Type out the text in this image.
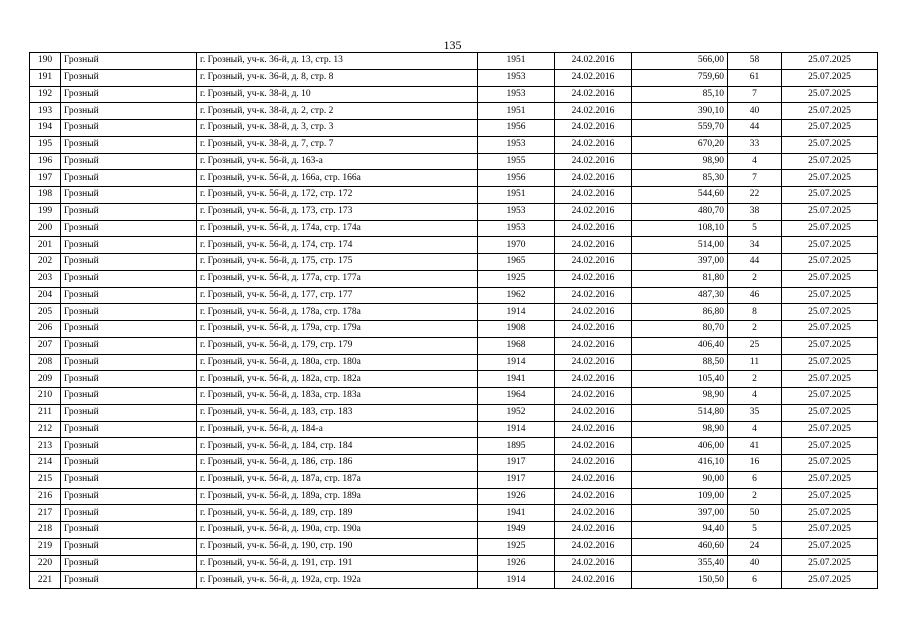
135
190	Грозный	г. Грозный, уч-к. 36-й, д. 13, стр. 13	1951	24.02.2016	566,00	58	25.07.2025
191	Грозный	г. Грозный, уч-к. 36-й, д. 8, стр. 8	1953	24.02.2016	759,60	61	25.07.2025
192	Грозный	г. Грозный, уч-к. 38-й, д. 10	1953	24.02.2016	85,10	7	25.07.2025
193	Грозный	г. Грозный, уч-к. 38-й, д. 2, стр. 2	1951	24.02.2016	390,10	40	25.07.2025
194	Грозный	г. Грозный, уч-к. 38-й, д. 3, стр. 3	1956	24.02.2016	559,70	44	25.07.2025
195	Грозный	г. Грозный, уч-к. 38-й, д. 7, стр. 7	1953	24.02.2016	670,20	33	25.07.2025
196	Грозный	г. Грозный, уч-к. 56-й, д. 163-а	1955	24.02.2016	98,90	4	25.07.2025
197	Грозный	г. Грозный, уч-к. 56-й, д. 166а, стр. 166а	1956	24.02.2016	85,30	7	25.07.2025
198	Грозный	г. Грозный, уч-к. 56-й, д. 172, стр. 172	1951	24.02.2016	544,60	22	25.07.2025
199	Грозный	г. Грозный, уч-к. 56-й, д. 173, стр. 173	1953	24.02.2016	480,70	38	25.07.2025
200	Грозный	г. Грозный, уч-к. 56-й, д. 174а, стр. 174а	1953	24.02.2016	108,10	5	25.07.2025
201	Грозный	г. Грозный, уч-к. 56-й, д. 174, стр. 174	1970	24.02.2016	514,00	34	25.07.2025
202	Грозный	г. Грозный, уч-к. 56-й, д. 175, стр. 175	1965	24.02.2016	397,00	44	25.07.2025
203	Грозный	г. Грозный, уч-к. 56-й, д. 177а, стр. 177а	1925	24.02.2016	81,80	2	25.07.2025
204	Грозный	г. Грозный, уч-к. 56-й, д. 177, стр. 177	1962	24.02.2016	487,30	46	25.07.2025
205	Грозный	г. Грозный, уч-к. 56-й, д. 178а, стр. 178а	1914	24.02.2016	86,80	8	25.07.2025
206	Грозный	г. Грозный, уч-к. 56-й, д. 179а, стр. 179а	1908	24.02.2016	80,70	2	25.07.2025
207	Грозный	г. Грозный, уч-к. 56-й, д. 179, стр. 179	1968	24.02.2016	406,40	25	25.07.2025
208	Грозный	г. Грозный, уч-к. 56-й, д. 180а, стр. 180а	1914	24.02.2016	88,50	11	25.07.2025
209	Грозный	г. Грозный, уч-к. 56-й, д. 182а, стр. 182а	1941	24.02.2016	105,40	2	25.07.2025
210	Грозный	г. Грозный, уч-к. 56-й, д. 183а, стр. 183а	1964	24.02.2016	98,90	4	25.07.2025
211	Грозный	г. Грозный, уч-к. 56-й, д. 183, стр. 183	1952	24.02.2016	514,80	35	25.07.2025
212	Грозный	г. Грозный, уч-к. 56-й, д. 184-а	1914	24.02.2016	98,90	4	25.07.2025
213	Грозный	г. Грозный, уч-к. 56-й, д. 184, стр. 184	1895	24.02.2016	406,00	41	25.07.2025
214	Грозный	г. Грозный, уч-к. 56-й, д. 186, стр. 186	1917	24.02.2016	416,10	16	25.07.2025
215	Грозный	г. Грозный, уч-к. 56-й, д. 187а, стр. 187а	1917	24.02.2016	90,00	6	25.07.2025
216	Грозный	г. Грозный, уч-к. 56-й, д. 189а, стр. 189а	1926	24.02.2016	109,00	2	25.07.2025
217	Грозный	г. Грозный, уч-к. 56-й, д. 189, стр. 189	1941	24.02.2016	397,00	50	25.07.2025
218	Грозный	г. Грозный, уч-к. 56-й, д. 190а, стр. 190а	1949	24.02.2016	94,40	5	25.07.2025
219	Грозный	г. Грозный, уч-к. 56-й, д. 190, стр. 190	1925	24.02.2016	460,60	24	25.07.2025
220	Грозный	г. Грозный, уч-к. 56-й, д. 191, стр. 191	1926	24.02.2016	355,40	40	25.07.2025
221	Грозный	г. Грозный, уч-к. 56-й, д. 192а, стр. 192а	1914	24.02.2016	150,50	6	25.07.2025
